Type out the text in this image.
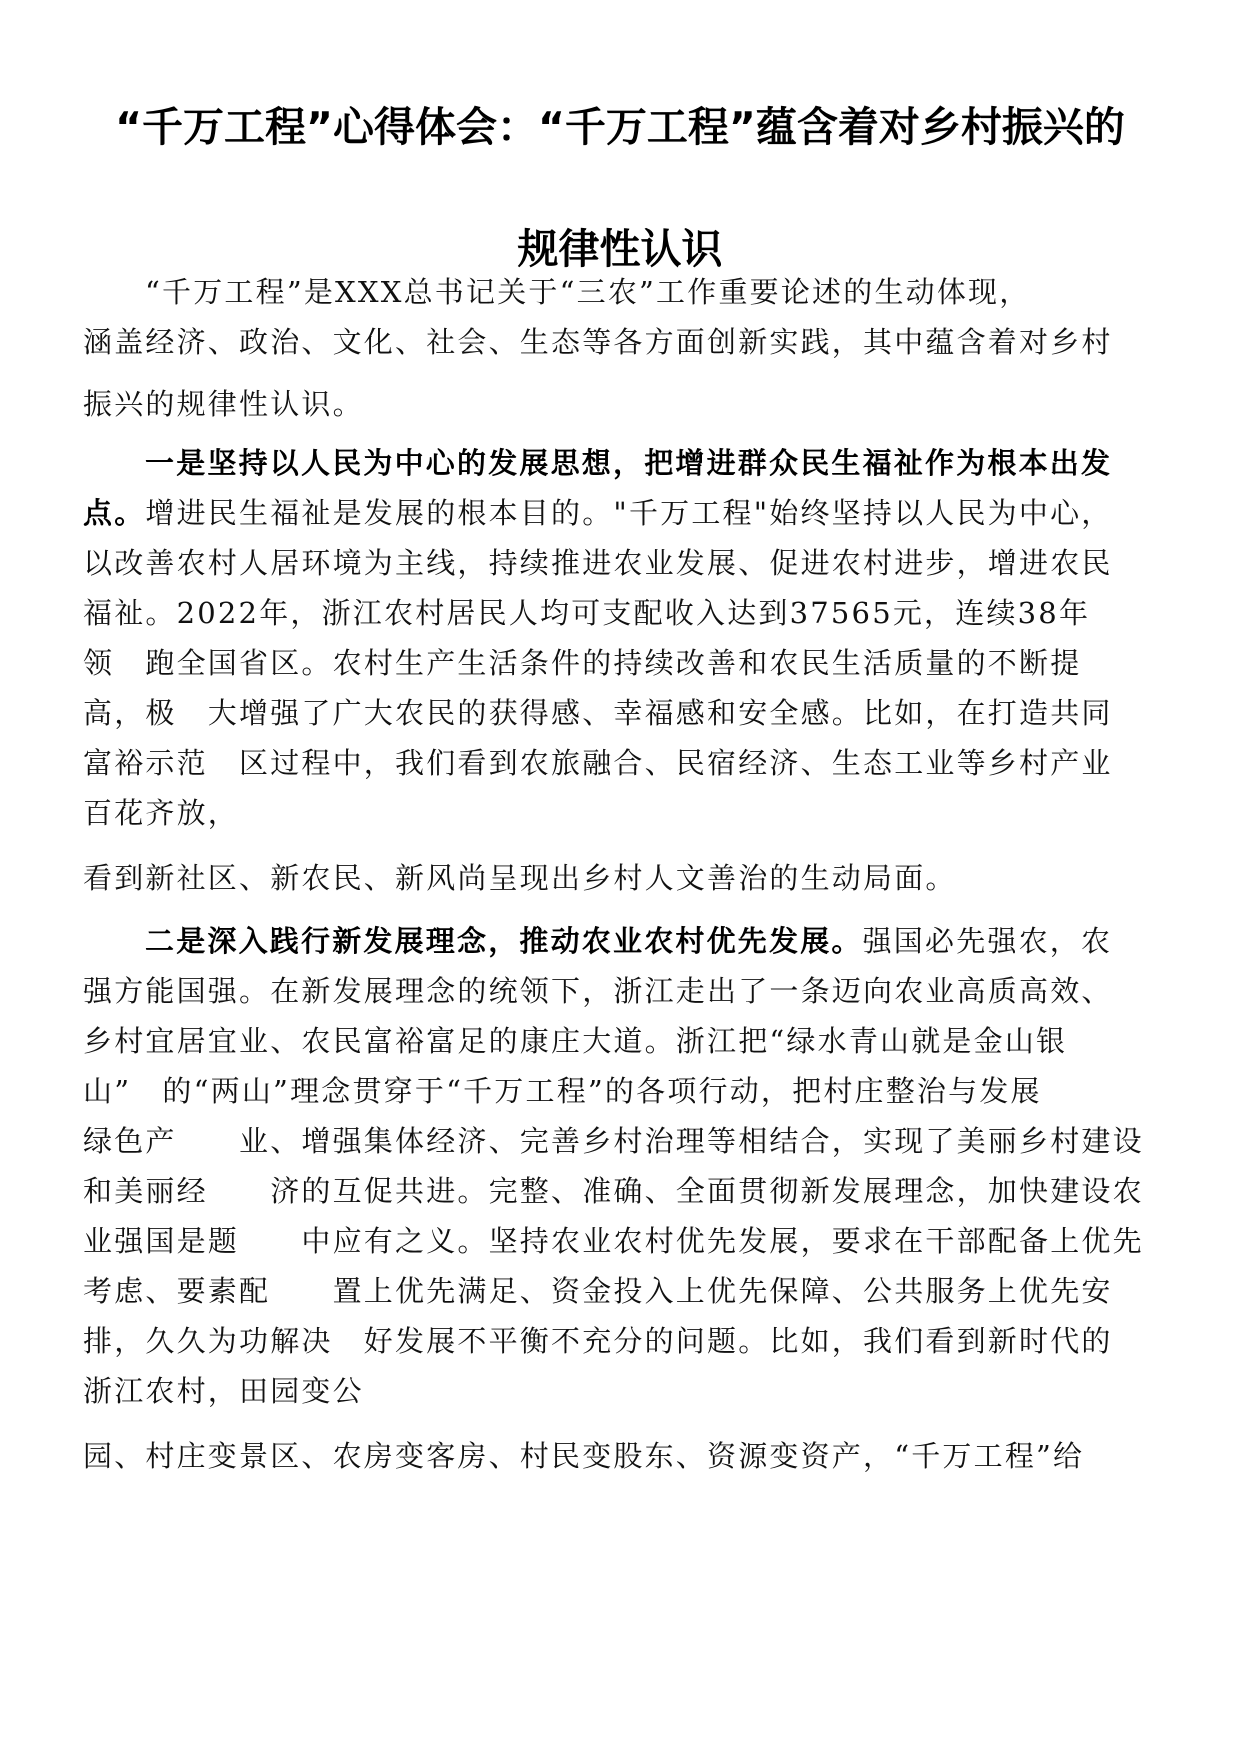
“千万工程”心得体会：“千万工程”蕴含着对乡村振兴的
规律性认识
“千万工程”是XXX总书记关于“三农”工作重要论述的生动体现，
涵盖经济、政治、文化、社会、生态等各方面创新实践，其中蕴含着对乡村
振兴的规律性认识。
一是坚持以人民为中心的发展思想，把增进群众民生福祉作为根本出发
点。增进民生福祉是发展的根本目的。"千万工程"始终坚持以人民为中心，
以改善农村人居环境为主线，持续推进农业发展、促进农村进步，增进农民
福祉。2022年，浙江农村居民人均可支配收入达到37565元，连续38年
领　跑全国省区。农村生产生活条件的持续改善和农民生活质量的不断提
高，极　大增强了广大农民的获得感、幸福感和安全感。比如，在打造共同
富裕示范　区过程中，我们看到农旅融合、民宿经济、生态工业等乡村产业
百花齐放，
看到新社区、新农民、新风尚呈现出乡村人文善治的生动局面。
二是深入践行新发展理念，推动农业农村优先发展。强国必先强农，农
强方能国强。在新发展理念的统领下，浙江走出了一条迈向农业高质高效、
乡村宜居宜业、农民富裕富足的康庄大道。浙江把“绿水青山就是金山银
山”　的“两山”理念贯穿于“千万工程”的各项行动，把村庄整治与发展
绿色产　　业、增强集体经济、完善乡村治理等相结合，实现了美丽乡村建设
和美丽经　　济的互促共进。完整、准确、全面贯彻新发展理念，加快建设农
业强国是题　　中应有之义。坚持农业农村优先发展，要求在干部配备上优先
考虑、要素配　　置上优先满足、资金投入上优先保障、公共服务上优先安
排，久久为功解决　好发展不平衡不充分的问题。比如，我们看到新时代的
浙江农村，田园变公
园、村庄变景区、农房变客房、村民变股东、资源变资产，“千万工程”给
